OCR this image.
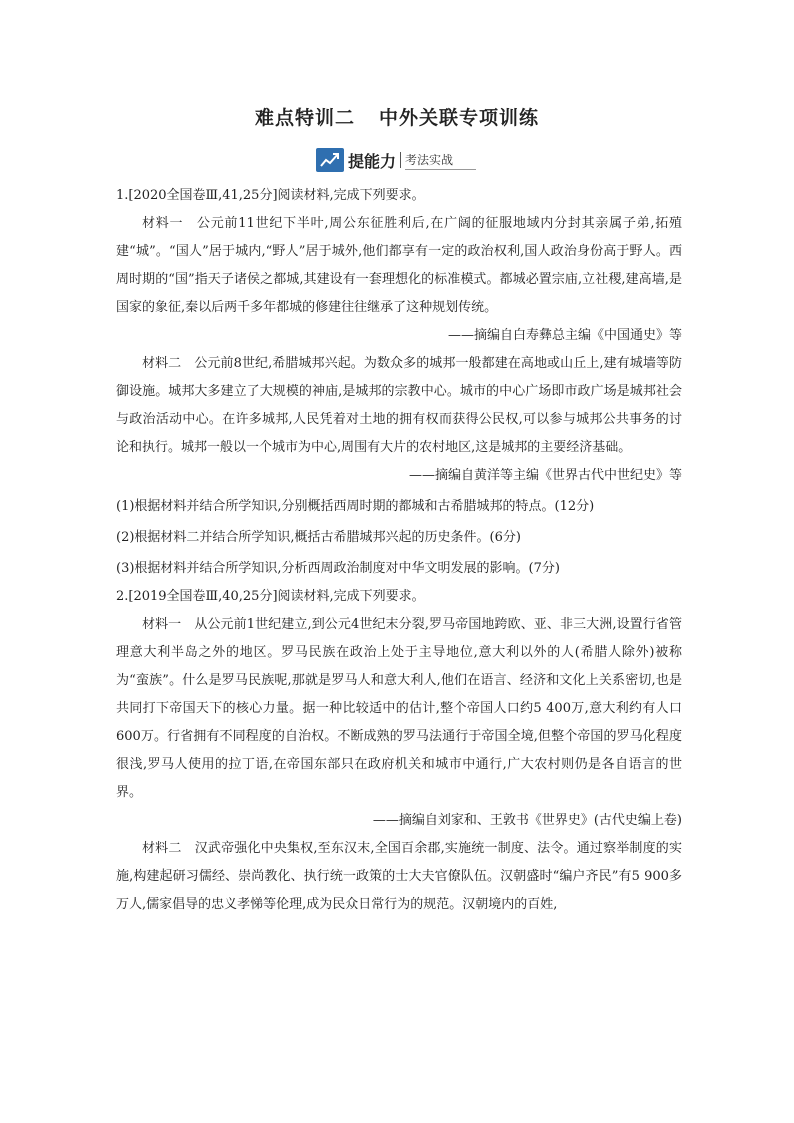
难点特训二 中外关联专项训练
提能力 考法实战

1.[2020全国卷Ⅲ,41,25分]阅读材料,完成下列要求。

材料一　 公元前11世纪下半叶,周公东征胜利后,在广阔的征服地域内分封其亲属子弟,拓殖建“城”。“国人”居于城内,“野人”居于城外,他们都享有一定的政治权利,国人政治身份高于野人。西周时期的“国”指天子诸侯之都城,其建设有一套理想化的标准模式。都城必置宗庙,立社稷,建高墙,是国家的象征,秦以后两千多年都城的修建往往继承了这种规划传统。

——摘编自白寿彝总主编《中国通史》等

材料二　 公元前8世纪,希腊城邦兴起。为数众多的城邦一般都建在高地或山丘上,建有城墙等防御设施。城邦大多建立了大规模的神庙,是城邦的宗教中心。城市的中心广场即市政广场是城邦社会与政治活动中心。在许多城邦,人民凭着对土地的拥有权而获得公民权,可以参与城邦公共事务的讨论和执行。城邦一般以一个城市为中心,周围有大片的农村地区,这是城邦的主要经济基础。

——摘编自黄洋等主编《世界古代中世纪史》等

(1)根据材料并结合所学知识,分别概括西周时期的都城和古希腊城邦的特点。(12分)

(2)根据材料二并结合所学知识,概括古希腊城邦兴起的历史条件。(6分)

(3)根据材料并结合所学知识,分析西周政治制度对中华文明发展的影响。(7分)

2.[2019全国卷Ⅲ,40,25分]阅读材料,完成下列要求。

材料一　 从公元前1世纪建立,到公元4世纪末分裂,罗马帝国地跨欧、亚、非三大洲,设置行省管理意大利半岛之外的地区。罗马民族在政治上处于主导地位,意大利以外的人(希腊人除外)被称为“蛮族”。什么是罗马民族呢,那就是罗马人和意大利人,他们在语言、经济和文化上关系密切,也是共同打下帝国天下的核心力量。据一种比较适中的估计,整个帝国人口约5 400万,意大利约有人口600万。行省拥有不同程度的自治权。不断成熟的罗马法通行于帝国全境,但整个帝国的罗马化程度很浅,罗马人使用的拉丁语,在帝国东部只在政府机关和城市中通行,广大农村则仍是各自语言的世界。

——摘编自刘家和、王敦书《世界史》(古代史编上卷)

材料二　 汉武帝强化中央集权,至东汉末,全国百余郡,实施统一制度、法令。通过察举制度的实施,构建起研习儒经、崇尚教化、执行统一政策的士大夫官僚队伍。汉朝盛时“编户齐民”有5 900多万人,儒家倡导的忠义孝悌等伦理,成为民众日常行为的规范。汉朝境内的百姓,
